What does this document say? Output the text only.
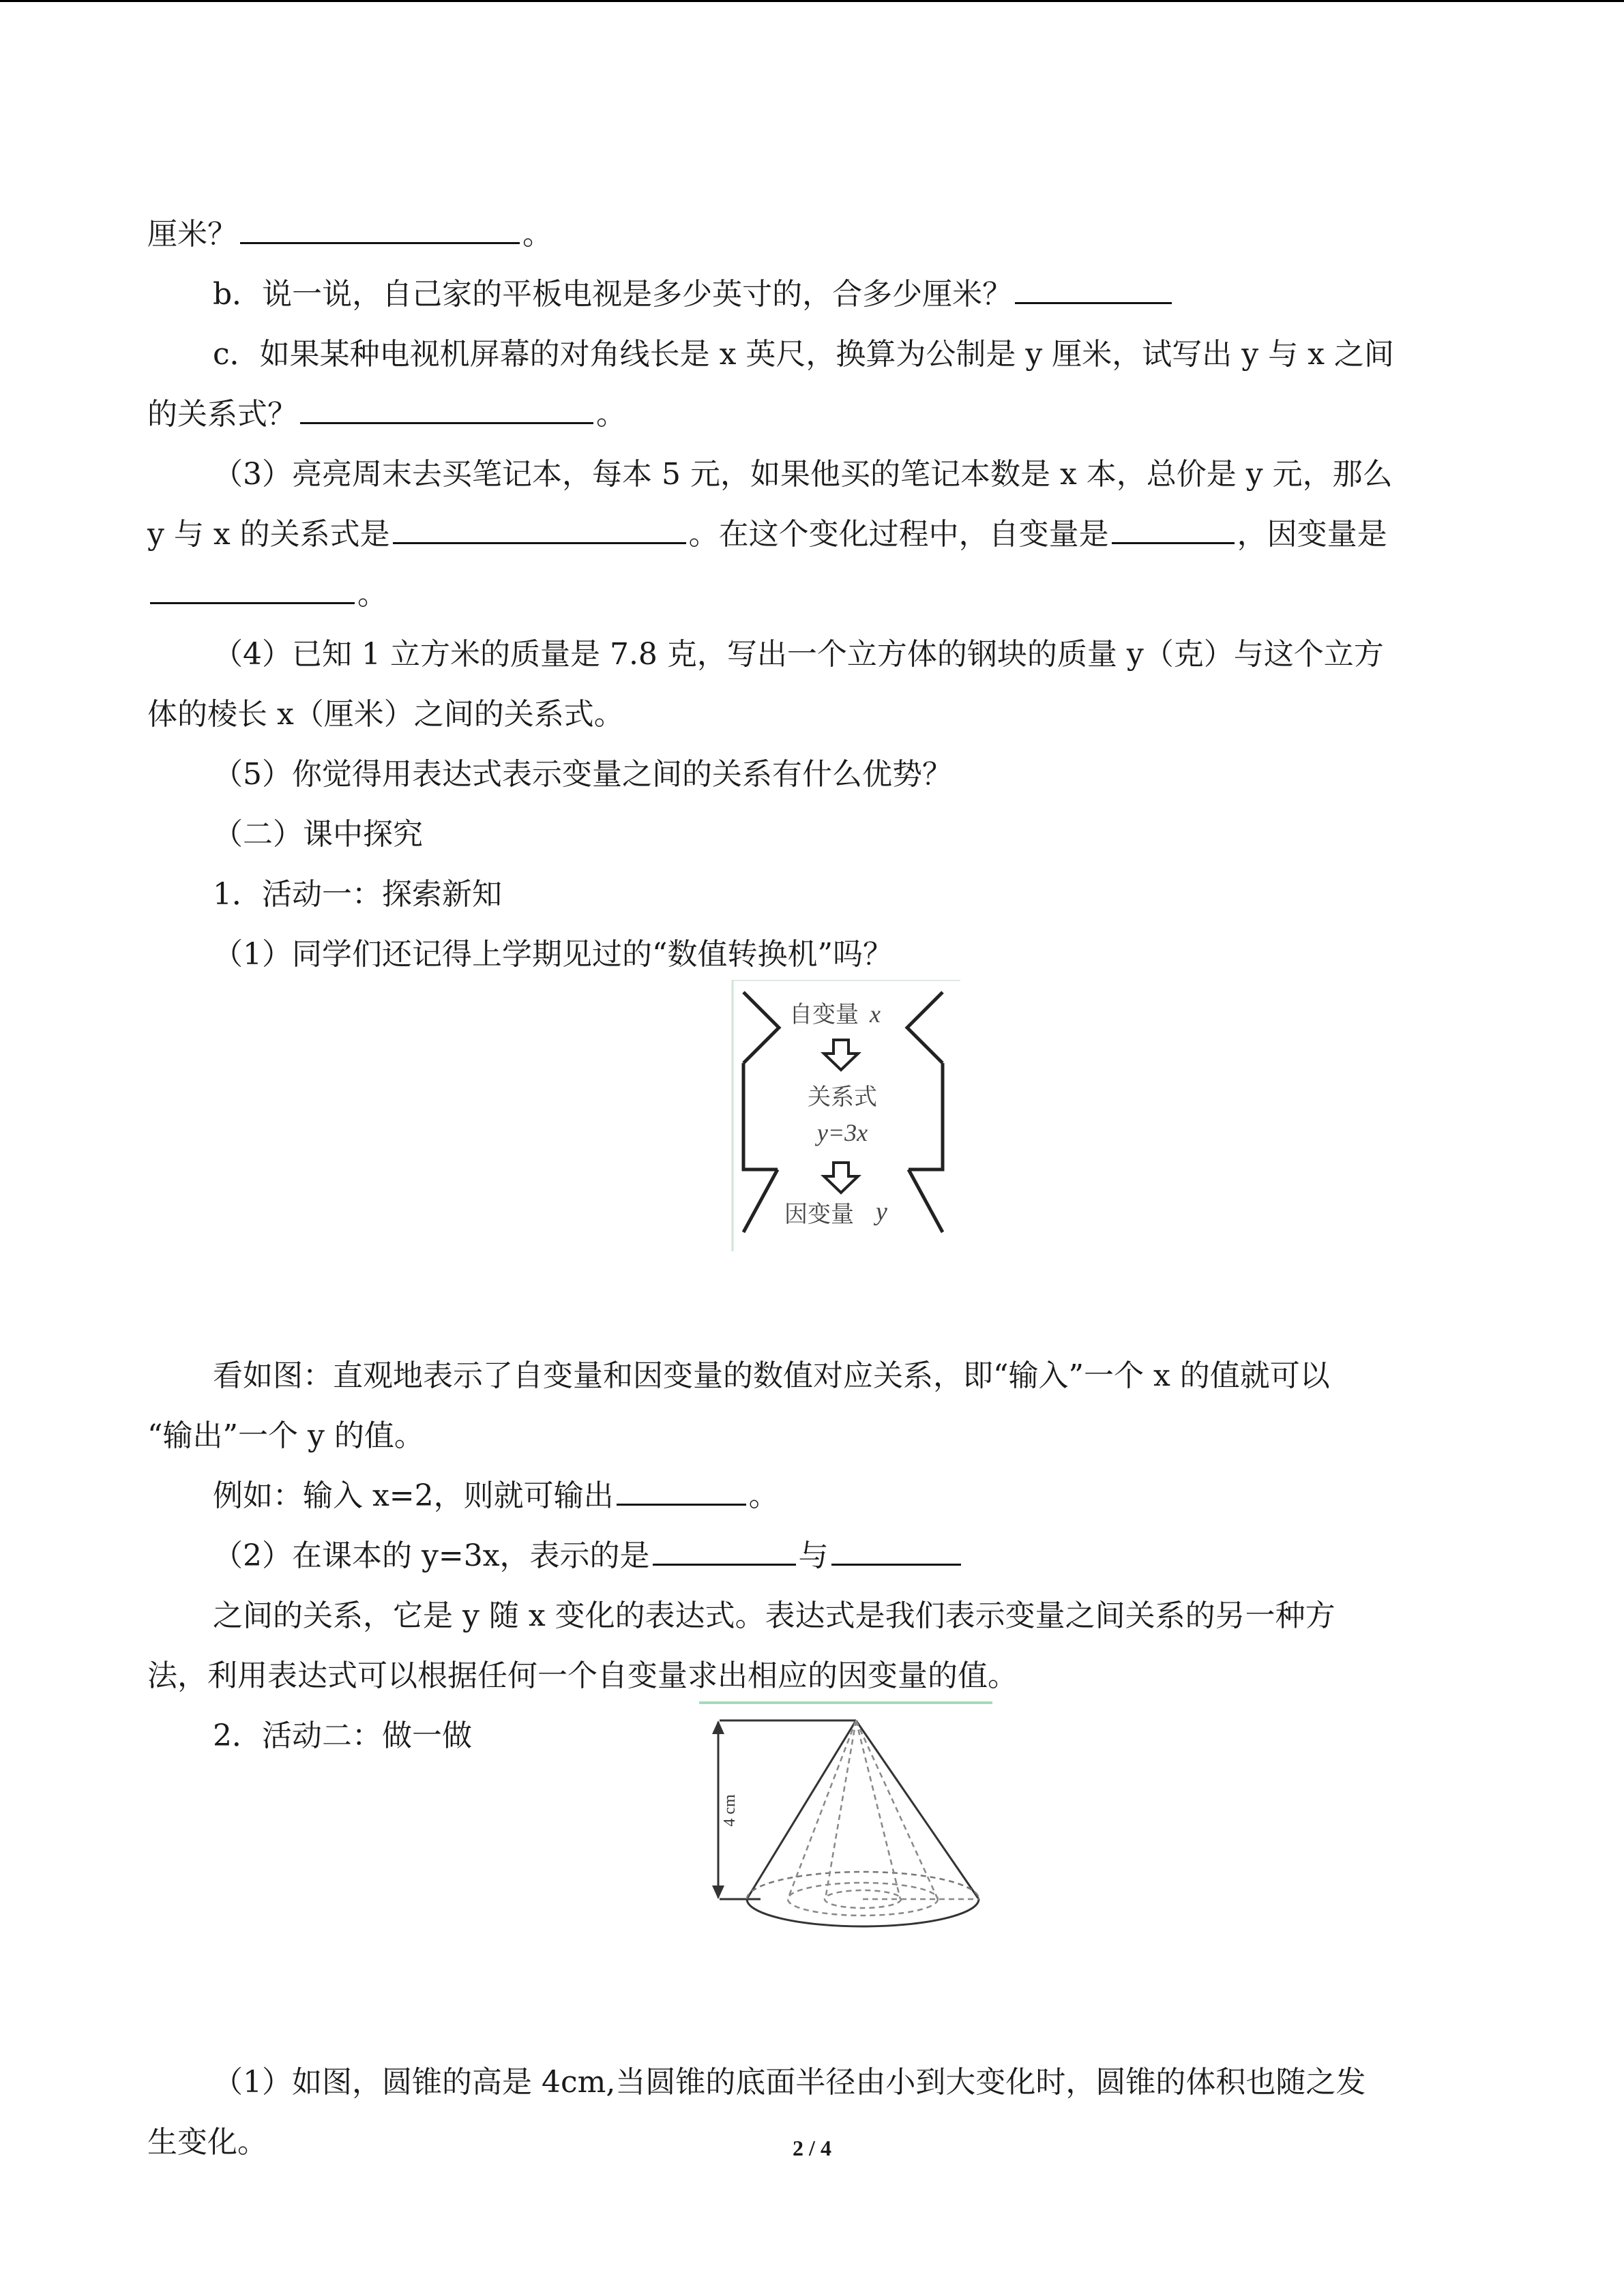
厘米？	。

b．说一说，自己家的平板电视是多少英寸的，合多少厘米？

c．如果某种电视机屏幕的对角线长是 x 英尺，换算为公制是 y 厘米，试写出 y 与 x 之间

的关系式？	。

（3）亮亮周末去买笔记本，每本 5 元，如果他买的笔记本数是 x 本，总价是 y 元，那么

y 与 x 的关系式是	。在这个变化过程中，自变量是	，因变量是

。

（4）已知 1 立方米的质量是 7.8 克，写出一个立方体的钢块的质量 y（克）与这个立方

体的棱长 x（厘米）之间的关系式。

（5）你觉得用表达式表示变量之间的关系有什么优势？

（二）课中探究

1．活动一：探索新知

（1）同学们还记得上学期见过的“数值转换机”吗？

看如图：直观地表示了自变量和因变量的数值对应关系，即“输入”一个 x 的值就可以

“输出”一个 y 的值。

例如：输入 x=2，则就可输出	。

（2）在课本的 y=3x，表示的是	与

之间的关系，它是 y 随 x 变化的表达式。表达式是我们表示变量之间关系的另一种方

法，利用表达式可以根据任何一个自变量求出相应的因变量的值。

2．活动二：做一做

（1）如图，圆锥的高是 4cm,当圆锥的底面半径由小到大变化时，圆锥的体积也随之发

生变化。

自变量 x
关系式
y=3x
因变量 y
4 cm
2 / 4
